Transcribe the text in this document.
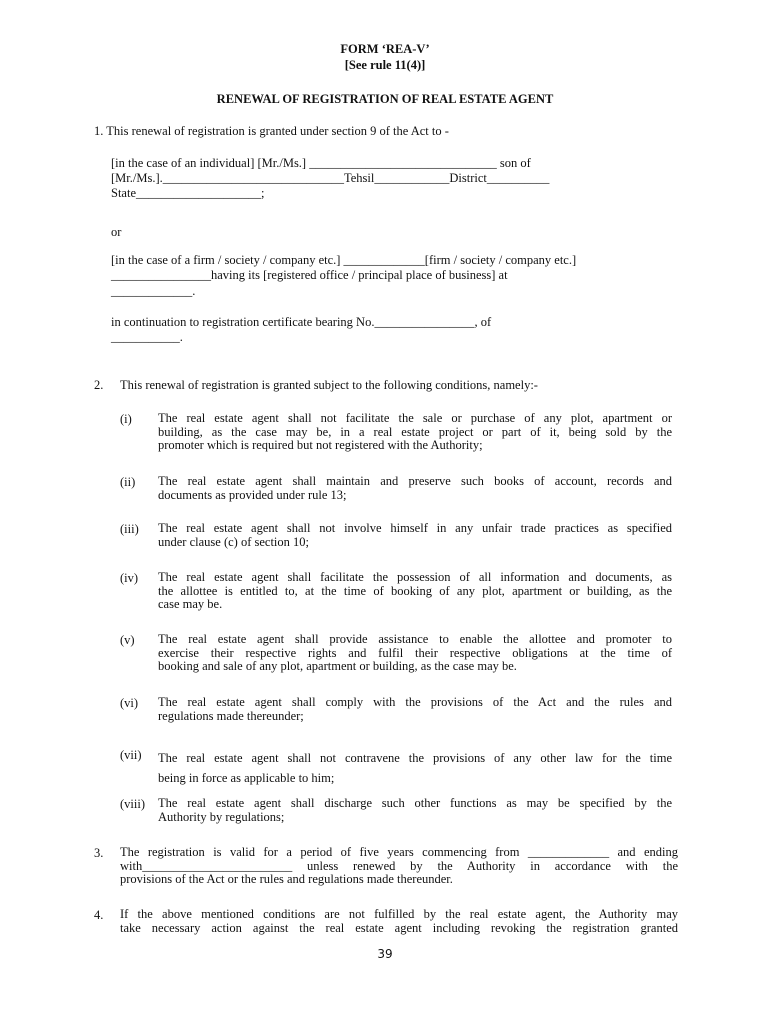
FORM ‘REA-V’
[See rule 11(4)]
RENEWAL OF REGISTRATION OF REAL ESTATE AGENT
1. This renewal of registration is granted under section 9 of the Act to -
[in the case of an individual] [Mr./Ms.] ______________________________ son of
[Mr./Ms.]._____________________________Tehsil____________District__________
State____________________;
or
[in the case of a firm / society / company etc.] _____________[firm / society / company etc.]
________________having its [registered office / principal place of business] at
_____________.
in continuation to registration certificate bearing No.________________, of
___________.
2. This renewal of registration is granted subject to the following conditions, namely:-
(i) The real estate agent shall not facilitate the sale or purchase of any plot, apartment or
building, as the case may be, in a real estate project or part of it, being sold by the
promoter which is required but not registered with the Authority;
(ii) The real estate agent shall maintain and preserve such books of account, records and
documents as provided under rule 13;
(iii) The real estate agent shall not involve himself in any unfair trade practices as specified
under clause (c) of section 10;
(iv) The real estate agent shall facilitate the possession of all information and documents, as
the allottee is entitled to, at the time of booking of any plot, apartment or building, as the
case may be.
(v) The real estate agent shall provide assistance to enable the allottee and promoter to
exercise their respective rights and fulfil their respective obligations at the time of
booking and sale of any plot, apartment or building, as the case may be.
(vi) The real estate agent shall comply with the provisions of the Act and the rules and
regulations made thereunder;
(vii) The real estate agent shall not contravene the provisions of any other law for the time
being in force as applicable to him;
(viii) The real estate agent shall discharge such other functions as may be specified by the
Authority by regulations;
3. The registration is valid for a period of five years commencing from _____________ and ending
with________________________ unless renewed by the Authority in accordance with the
provisions of the Act or the rules and regulations made thereunder.
4. If the above mentioned conditions are not fulfilled by the real estate agent, the Authority may
take necessary action against the real estate agent including revoking the registration granted
39
